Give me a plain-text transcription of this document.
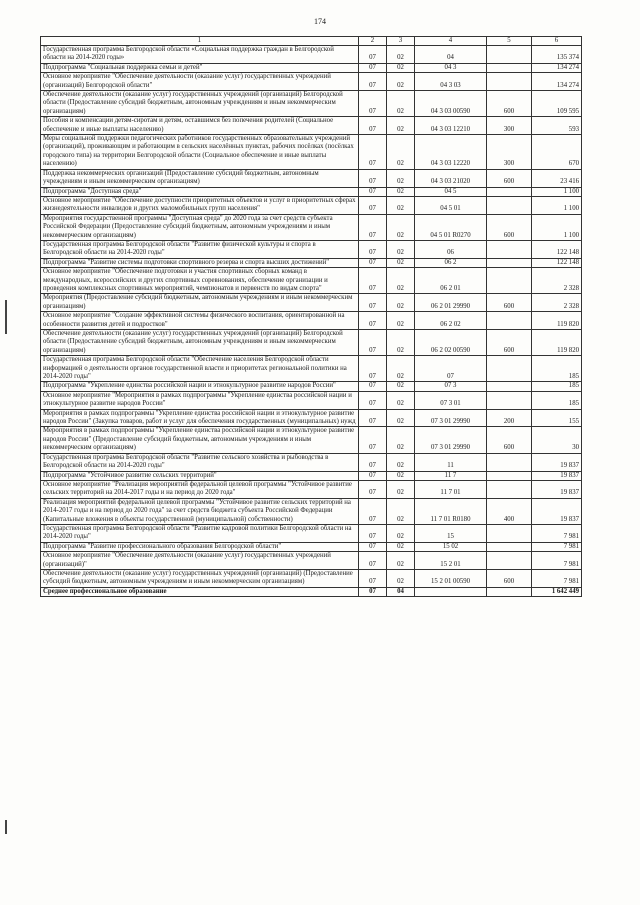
174
1	2	3	4	5	6
Государственная программа Белгородской области «Социальная поддержка граждан в Белгородской области на 2014-2020 годы»	07	02	04		135 374
Подпрограмма "Социальная поддержка семьи и детей"	07	02	04 3		134 274
Основное мероприятие "Обеспечение деятельности (оказание услуг) государственных учреждений (организаций) Белгородской области"	07	02	04 3 03		134 274
Обеспечение деятельности (оказание услуг) государственных учреждений (организаций) Белгородской области (Предоставление субсидий бюджетным, автономным учреждениям и иным некоммерческим организациям)	07	02	04 3 03 00590	600	109 595
Пособия и компенсации детям-сиротам и детям, оставшимся без попечения родителей (Социальное обеспечение и иные выплаты населению)	07	02	04 3 03 12210	300	593
Меры социальной поддержки педагогических работников государственных образовательных учреждений (организаций), проживающим и работающим в сельских населённых пунктах, рабочих посёлках (посёлках городского типа) на территории Белгородской области (Социальное обеспечение и иные выплаты населению)	07	02	04 3 03 12220	300	670
Поддержка некоммерческих организаций (Предоставление субсидий бюджетным, автономным учреждениям и иным некоммерческим организациям)	07	02	04 3 03 21020	600	23 416
Подпрограмма "Доступная среда"	07	02	04 5		1 100
Основное мероприятие "Обеспечение доступности приоритетных объектов и услуг в приоритетных сферах жизнедеятельности инвалидов и других маломобильных групп населения"	07	02	04 5 01		1 100
Мероприятия государственной программы "Доступная среда" до 2020 года за счет средств субъекта Российской Федерации (Предоставление субсидий бюджетным, автономным учреждениям и иным некоммерческим организациям)	07	02	04 5 01 R0270	600	1 100
Государственная программа Белгородской области "Развитие физической культуры и спорта в Белгородской области на 2014-2020 годы"	07	02	06		122 148
Подпрограмма "Развитие системы подготовки спортивного резерва и спорта высших достижений"	07	02	06 2		122 148
Основное мероприятие "Обеспечение подготовки и участия спортивных сборных команд в международных, всероссийских и других спортивных соревнованиях, обеспечение организации и проведения комплексных спортивных мероприятий, чемпионатов и первенств по видам спорта"	07	02	06 2 01		2 328
Мероприятия (Предоставление субсидий бюджетным, автономным учреждениям и иным некоммерческим организациям)	07	02	06 2 01 29990	600	2 328
Основное мероприятие "Создание эффективной системы физического воспитания, ориентированной на особенности развития детей и подростков"	07	02	06 2 02		119 820
Обеспечение деятельности (оказание услуг) государственных учреждений (организаций) Белгородской области (Предоставление субсидий бюджетным, автономным учреждениям и иным некоммерческим организациям)	07	02	06 2 02 00590	600	119 820
Государственная программа Белгородской области "Обеспечение населения Белгородской области информацией о деятельности органов государственной власти и приоритетах региональной политики на 2014-2020 годы"	07	02	07		185
Подпрограмма "Укрепление единства российской нации и этнокультурное развитие народов России"	07	02	07 3		185
Основное мероприятие "Мероприятия в рамках подпрограммы "Укрепление единства российской нации и этнокультурное развитие народов России"	07	02	07 3 01		185
Мероприятия в рамках подпрограммы "Укрепление единства российской нации и этнокультурное развитие народов России" (Закупка товаров, работ и услуг для обеспечения государственных (муниципальных) нужд	07	02	07 3 01 29990	200	155
Мероприятия в рамках подпрограммы "Укрепление единства российской нации и этнокультурное развитие народов России" (Предоставление субсидий бюджетным, автономным учреждениям и иным некоммерческим организациям)	07	02	07 3 01 29990	600	30
Государственная программа Белгородской области "Развитие сельского хозяйства и рыбоводства в Белгородской области на 2014-2020 годы"	07	02	11		19 837
Подпрограмма "Устойчивое развитие сельских территорий"	07	02	11 7		19 837
Основное мероприятие "Реализация мероприятий федеральной целевой программы "Устойчивое развитие сельских территорий на 2014-2017 годы и на период до 2020 года"	07	02	11 7 01		19 837
Реализация мероприятий федеральной целевой программы "Устойчивое развитие сельских территорий на 2014-2017 годы и на период до 2020 года" за счет средств бюджета субъекта Российской Федерации (Капитальные вложения в объекты государственной (муниципальной) собственности)	07	02	11 7 01 R0180	400	19 837
Государственная программа Белгородской области "Развитие кадровой политики Белгородской области на 2014-2020 годы"	07	02	15		7 981
Подпрограмма "Развитие профессионального образования Белгородской области"	07	02	15 02		7 981
Основное мероприятие "Обеспечение деятельности (оказание услуг) государственных учреждений (организаций)"	07	02	15 2 01		7 981
Обеспечение деятельности (оказание услуг) государственных учреждений (организаций) (Предоставление субсидий бюджетным, автономным учреждениям и иным некоммерческим организациям)	07	02	15 2 01 00590	600	7 981
Среднее профессиональное образование	07	04			1 642 449
